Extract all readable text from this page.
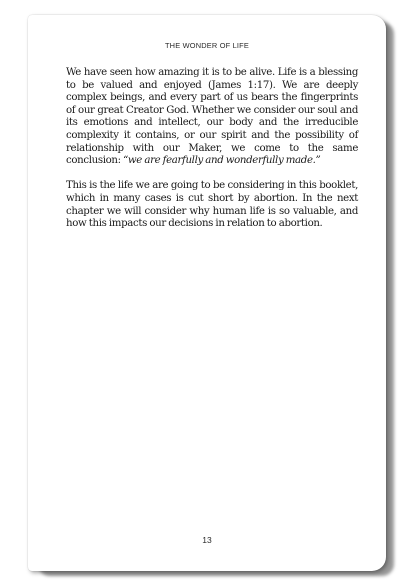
THE WONDER OF LIFE

We have seen how amazing it is to be alive. Life is a blessing to be valued and enjoyed (James 1:17). We are deeply complex beings, and every part of us bears the fingerprints of our great Creator God. Whether we consider our soul and its emotions and intellect, our body and the irreducible complexity it contains, or our spirit and the possibility of relationship with our Maker, we come to the same conclusion: “we are fearfully and wonderfully made.”

This is the life we are going to be considering in this booklet, which in many cases is cut short by abortion. In the next chapter we will consider why human life is so valuable, and how this impacts our decisions in relation to abortion.

13
